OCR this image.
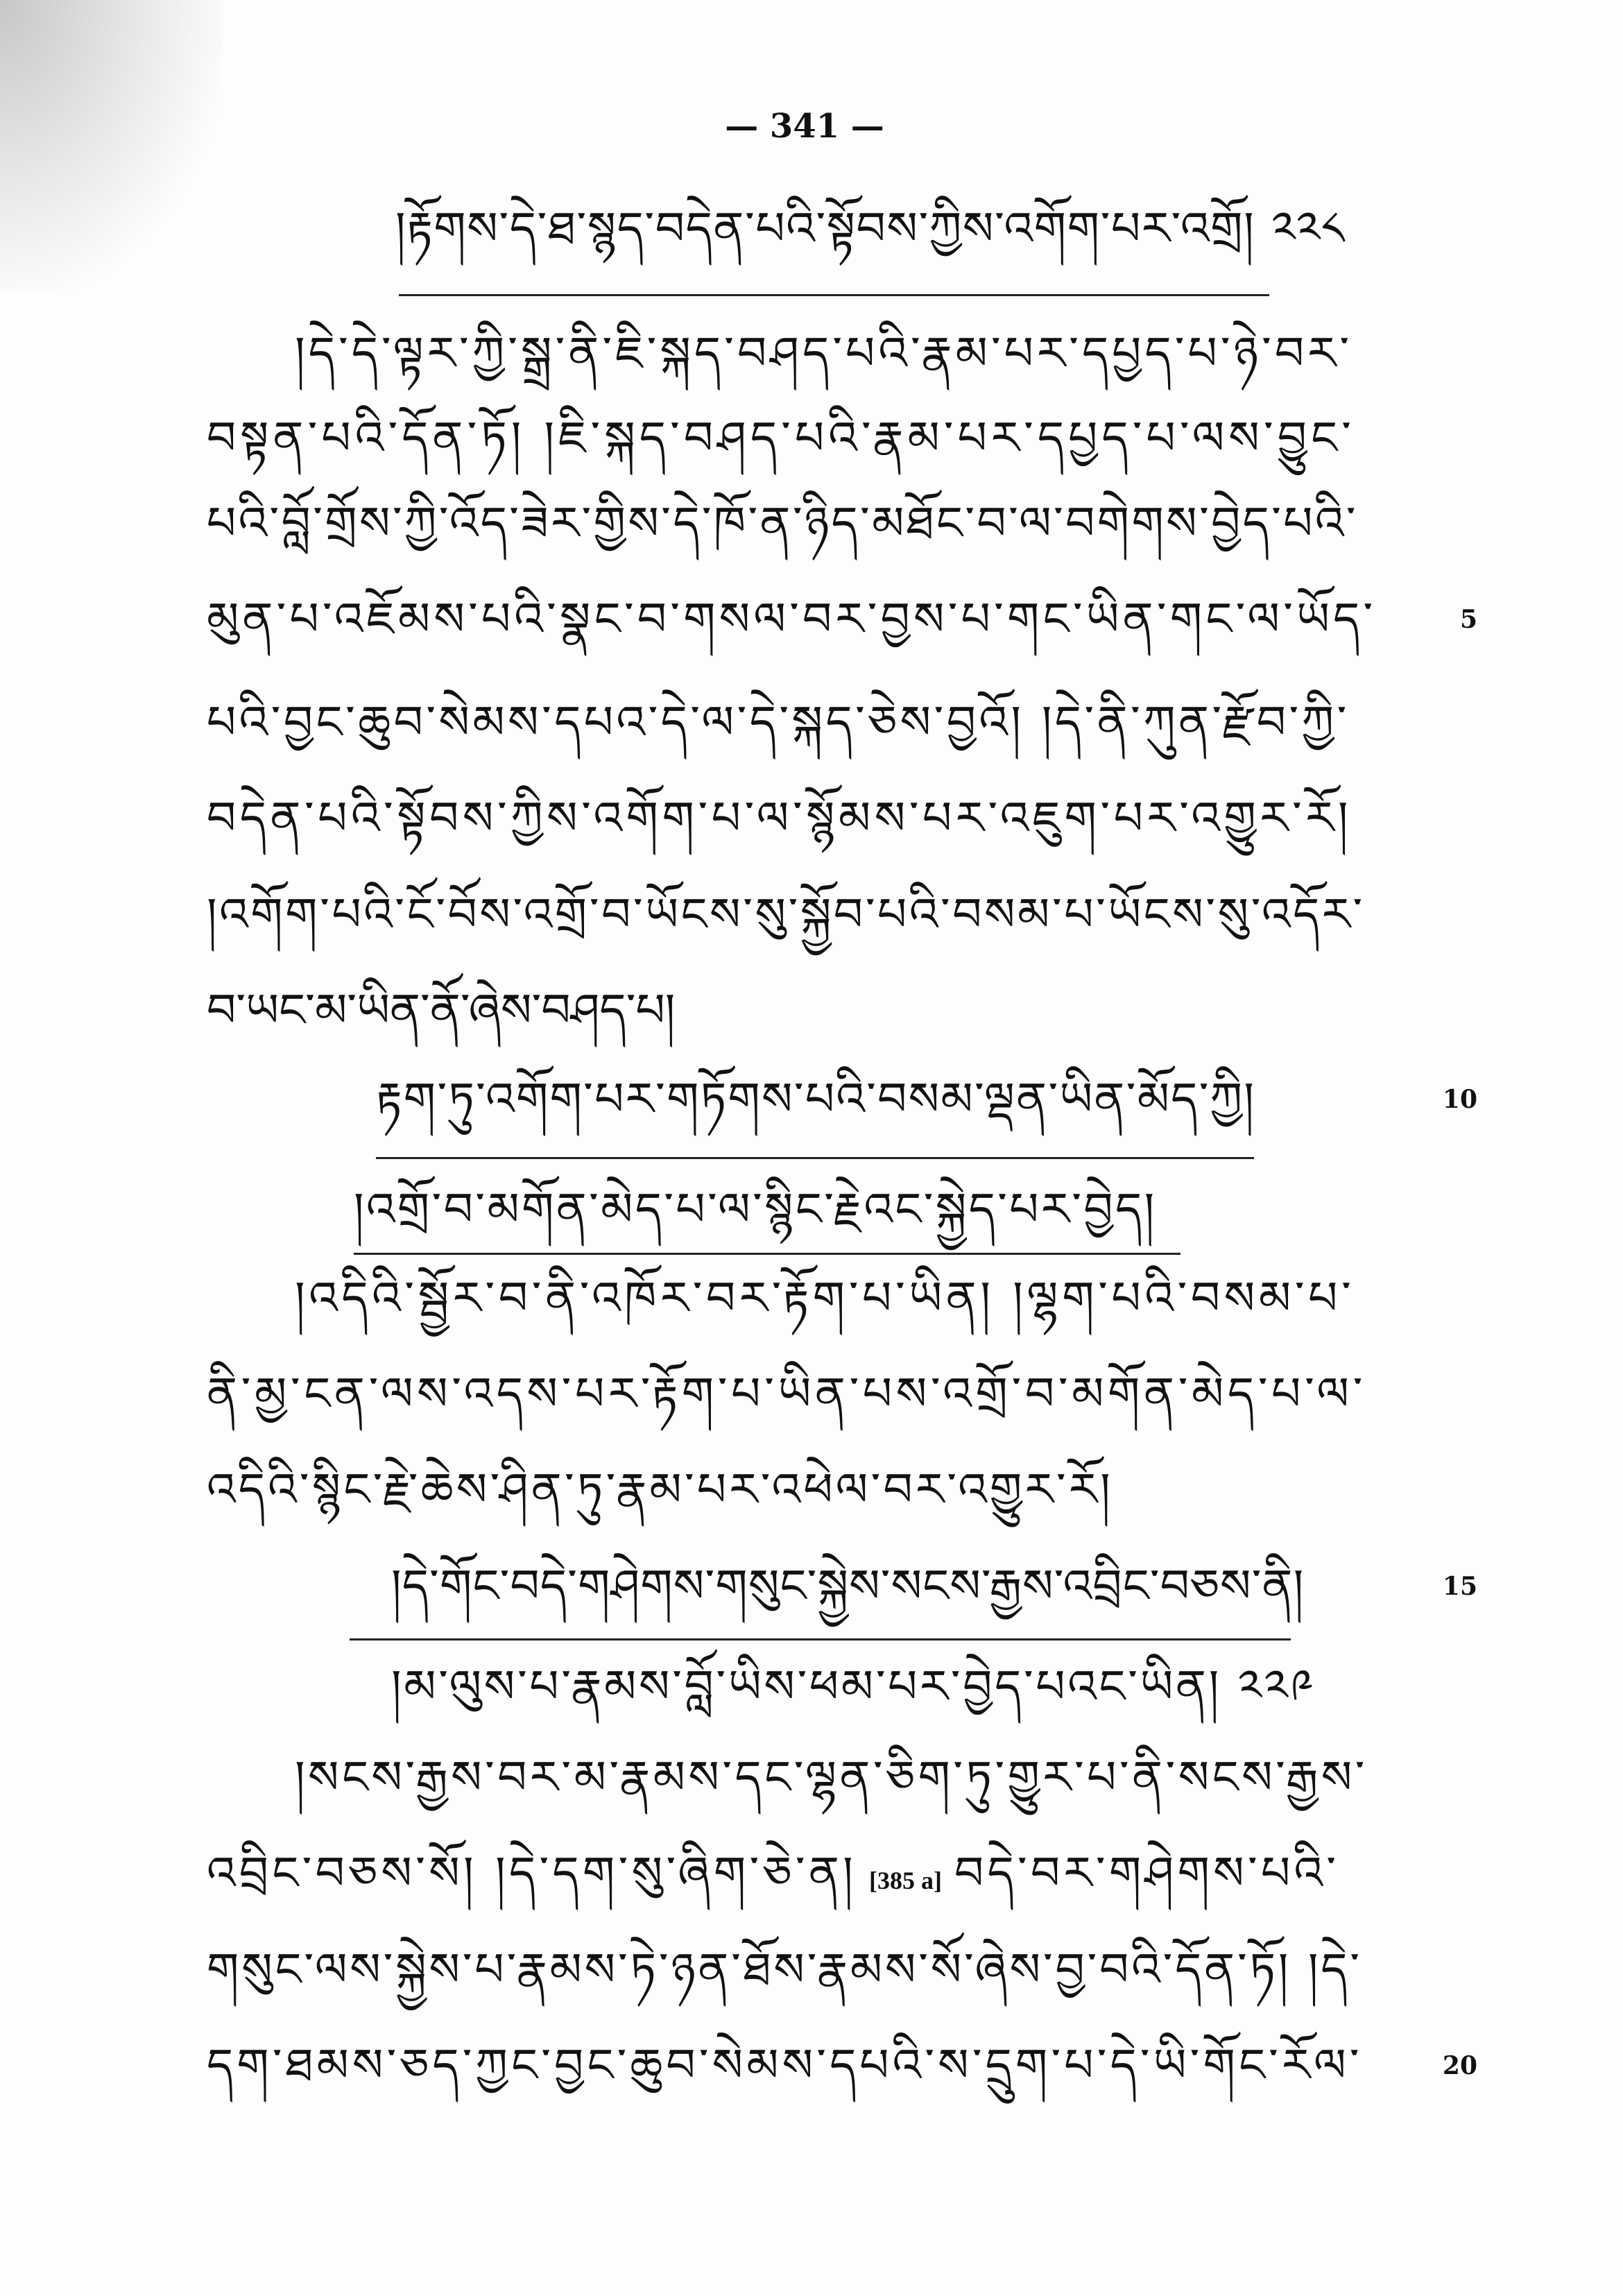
— 341 —
།རྟོགས་དེ་ཐ་སྙད་བདེན་པའི་སྟོབས་ཀྱིས་འགོག་པར་འགྲོ། ༢༢༨
།དེ་དེ་ལྟར་ཀྱི་སྒྲ་ནི་ཇི་སྐད་བཤད་པའི་རྣམ་པར་དཔྱད་པ་ཉེ་བར་
བསྟན་པའི་དོན་ཏོ། །ཇི་སྐད་བཤད་པའི་རྣམ་པར་དཔྱད་པ་ལས་བྱུང་
པའི་བློ་གྲོས་ཀྱི་འོད་ཟེར་གྱིས་དེ་ཁོ་ན་ཉིད་མཐོང་བ་ལ་བགེགས་བྱེད་པའི་
མུན་པ་འཇོམས་པའི་སྣང་བ་གསལ་བར་བྱས་པ་གང་ཡིན་གང་ལ་ཡོད་
པའི་བྱང་ཆུབ་སེམས་དཔའ་དེ་ལ་དེ་སྐད་ཅེས་བྱའོ། །དེ་ནི་ཀུན་རྫོབ་ཀྱི་
བདེན་པའི་སྟོབས་ཀྱིས་འགོག་པ་ལ་སྙོམས་པར་འཇུག་པར་འགྱུར་རོ།
།འགོག་པའི་ངོ་བོས་འགྲོ་བ་ཡོངས་སུ་སྐྱོབ་པའི་བསམ་པ་ཡོངས་སུ་འདོར་
བ་ཡང་མ་ཡིན་ནོ་ཞེས་བཤད་པ།
རྟག་ཏུ་འགོག་པར་གཏོགས་པའི་བསམ་ལྡན་ཡིན་མོད་ཀྱི།
།འགྲོ་བ་མགོན་མེད་པ་ལ་སྙིང་རྗེའང་སྐྱེད་པར་བྱེད།
།འདིའི་སྦྱོར་བ་ནི་འཁོར་བར་རྟོག་པ་ཡིན། །ལྷག་པའི་བསམ་པ་
ནི་མྱ་ངན་ལས་འདས་པར་རྟོག་པ་ཡིན་པས་འགྲོ་བ་མགོན་མེད་པ་ལ་
འདིའི་སྙིང་རྗེ་ཆེས་ཤིན་ཏུ་རྣམ་པར་འཕེལ་བར་འགྱུར་རོ།
།དེ་གོང་བདེ་གཤེགས་གསུང་སྐྱེས་སངས་རྒྱས་འབྲིང་བཅས་ནི།
།མ་ལུས་པ་རྣམས་བློ་ཡིས་ཕམ་པར་བྱེད་པའང་ཡིན། ༢༢༩
།སངས་རྒྱས་བར་མ་རྣམས་དང་ལྷན་ཅིག་ཏུ་གྱུར་པ་ནི་སངས་རྒྱས་
འབྲིང་བཅས་སོ། །དེ་དག་སུ་ཞིག་ཅེ་ན། [385 a] བདེ་བར་གཤེགས་པའི་
གསུང་ལས་སྐྱེས་པ་རྣམས་ཏེ་ཉན་ཐོས་རྣམས་སོ་ཞེས་བྱ་བའི་དོན་ཏོ། །དེ་
དག་ཐམས་ཅད་ཀྱང་བྱང་ཆུབ་སེམས་དཔའི་ས་དྲུག་པ་དེ་ཡི་གོང་རོལ་
5
10
15
20
